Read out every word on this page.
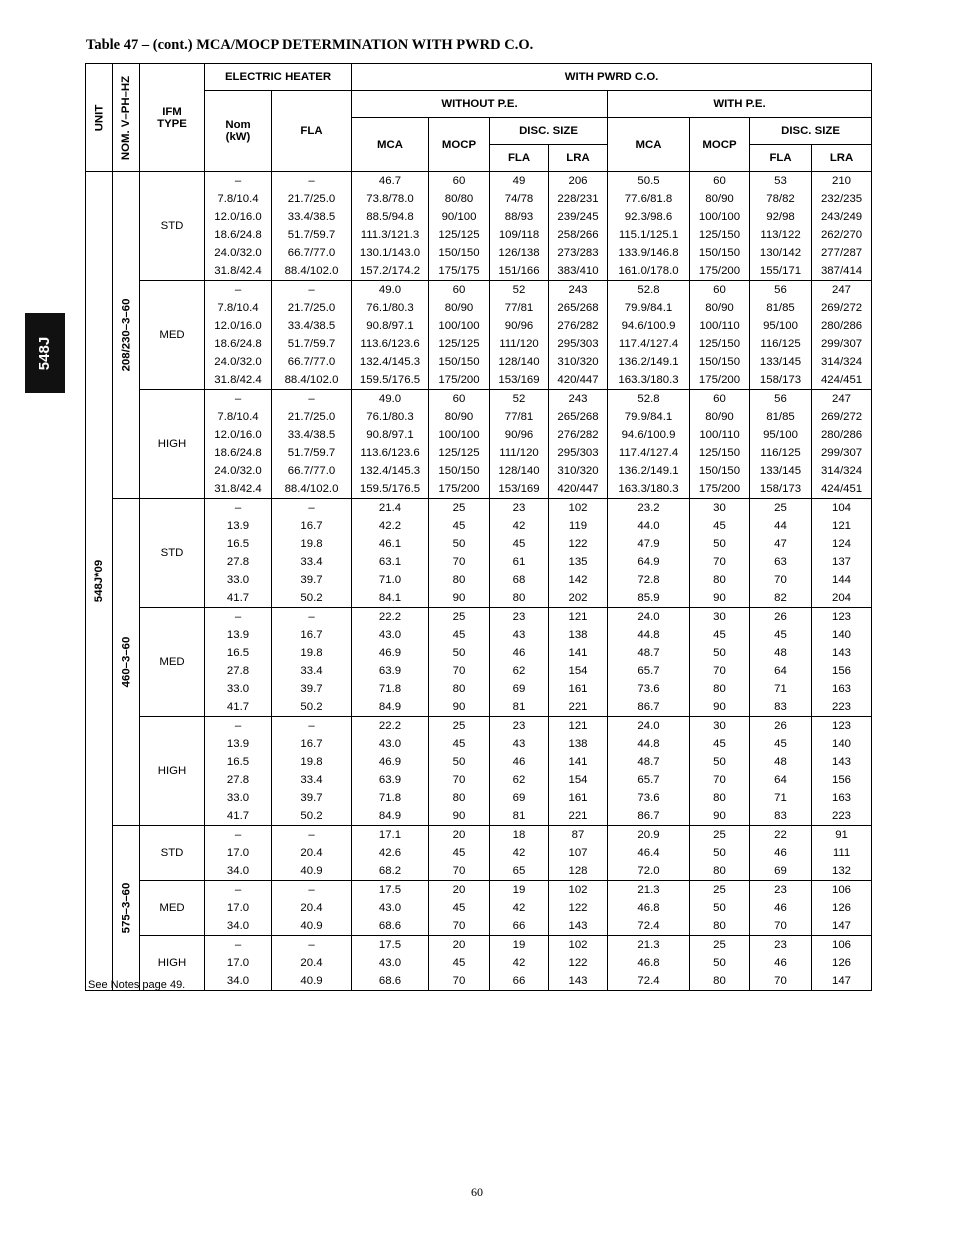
Table 47 – (cont.) MCA/MOCP DETERMINATION WITH PWRD C.O.
548J
UNIT	NOM. V–PH–HZ	IFM TYPE	ELECTRIC HEATER		WITH PWRD C.O.							

			Nom (kW)	FLA	WITHOUT P.E.				WITH P.E.			
					MCA	MOCP	DISC. SIZE		MCA	MOCP	DISC. SIZE	
							FLA	LRA			FLA	LRA

548J*09	208/230–3–60	STD	–	–	46.7	60	49	206	50.5	60	53	210
			7.8/10.4	21.7/25.0	73.8/78.0	80/80	74/78	228/231	77.6/81.8	80/90	78/82	232/235
			12.0/16.0	33.4/38.5	88.5/94.8	90/100	88/93	239/245	92.3/98.6	100/100	92/98	243/249
			18.6/24.8	51.7/59.7	111.3/121.3	125/125	109/118	258/266	115.1/125.1	125/150	113/122	262/270
			24.0/32.0	66.7/77.0	130.1/143.0	150/150	126/138	273/283	133.9/146.8	150/150	130/142	277/287
			31.8/42.4	88.4/102.0	157.2/174.2	175/175	151/166	383/410	161.0/178.0	175/200	155/171	387/414
		MED	–	–	49.0	60	52	243	52.8	60	56	247
			7.8/10.4	21.7/25.0	76.1/80.3	80/90	77/81	265/268	79.9/84.1	80/90	81/85	269/272
			12.0/16.0	33.4/38.5	90.8/97.1	100/100	90/96	276/282	94.6/100.9	100/110	95/100	280/286
			18.6/24.8	51.7/59.7	113.6/123.6	125/125	111/120	295/303	117.4/127.4	125/150	116/125	299/307
			24.0/32.0	66.7/77.0	132.4/145.3	150/150	128/140	310/320	136.2/149.1	150/150	133/145	314/324
			31.8/42.4	88.4/102.0	159.5/176.5	175/200	153/169	420/447	163.3/180.3	175/200	158/173	424/451
		HIGH	–	–	49.0	60	52	243	52.8	60	56	247
			7.8/10.4	21.7/25.0	76.1/80.3	80/90	77/81	265/268	79.9/84.1	80/90	81/85	269/272
			12.0/16.0	33.4/38.5	90.8/97.1	100/100	90/96	276/282	94.6/100.9	100/110	95/100	280/286
			18.6/24.8	51.7/59.7	113.6/123.6	125/125	111/120	295/303	117.4/127.4	125/150	116/125	299/307
			24.0/32.0	66.7/77.0	132.4/145.3	150/150	128/140	310/320	136.2/149.1	150/150	133/145	314/324
			31.8/42.4	88.4/102.0	159.5/176.5	175/200	153/169	420/447	163.3/180.3	175/200	158/173	424/451

	460–3–60	STD	–	–	21.4	25	23	102	23.2	30	25	104
			13.9	16.7	42.2	45	42	119	44.0	45	44	121
			16.5	19.8	46.1	50	45	122	47.9	50	47	124
			27.8	33.4	63.1	70	61	135	64.9	70	63	137
			33.0	39.7	71.0	80	68	142	72.8	80	70	144
			41.7	50.2	84.1	90	80	202	85.9	90	82	204
		MED	–	–	22.2	25	23	121	24.0	30	26	123
			13.9	16.7	43.0	45	43	138	44.8	45	45	140
			16.5	19.8	46.9	50	46	141	48.7	50	48	143
			27.8	33.4	63.9	70	62	154	65.7	70	64	156
			33.0	39.7	71.8	80	69	161	73.6	80	71	163
			41.7	50.2	84.9	90	81	221	86.7	90	83	223
		HIGH	–	–	22.2	25	23	121	24.0	30	26	123
			13.9	16.7	43.0	45	43	138	44.8	45	45	140
			16.5	19.8	46.9	50	46	141	48.7	50	48	143
			27.8	33.4	63.9	70	62	154	65.7	70	64	156
			33.0	39.7	71.8	80	69	161	73.6	80	71	163
			41.7	50.2	84.9	90	81	221	86.7	90	83	223

	575–3–60	STD	–	–	17.1	20	18	87	20.9	25	22	91
			17.0	20.4	42.6	45	42	107	46.4	50	46	111
			34.0	40.9	68.2	70	65	128	72.0	80	69	132
		MED	–	–	17.5	20	19	102	21.3	25	23	106
			17.0	20.4	43.0	45	42	122	46.8	50	46	126
			34.0	40.9	68.6	70	66	143	72.4	80	70	147
		HIGH	–	–	17.5	20	19	102	21.3	25	23	106
			17.0	20.4	43.0	45	42	122	46.8	50	46	126
			34.0	40.9	68.6	70	66	143	72.4	80	70	147
See Notes page 49.
60
